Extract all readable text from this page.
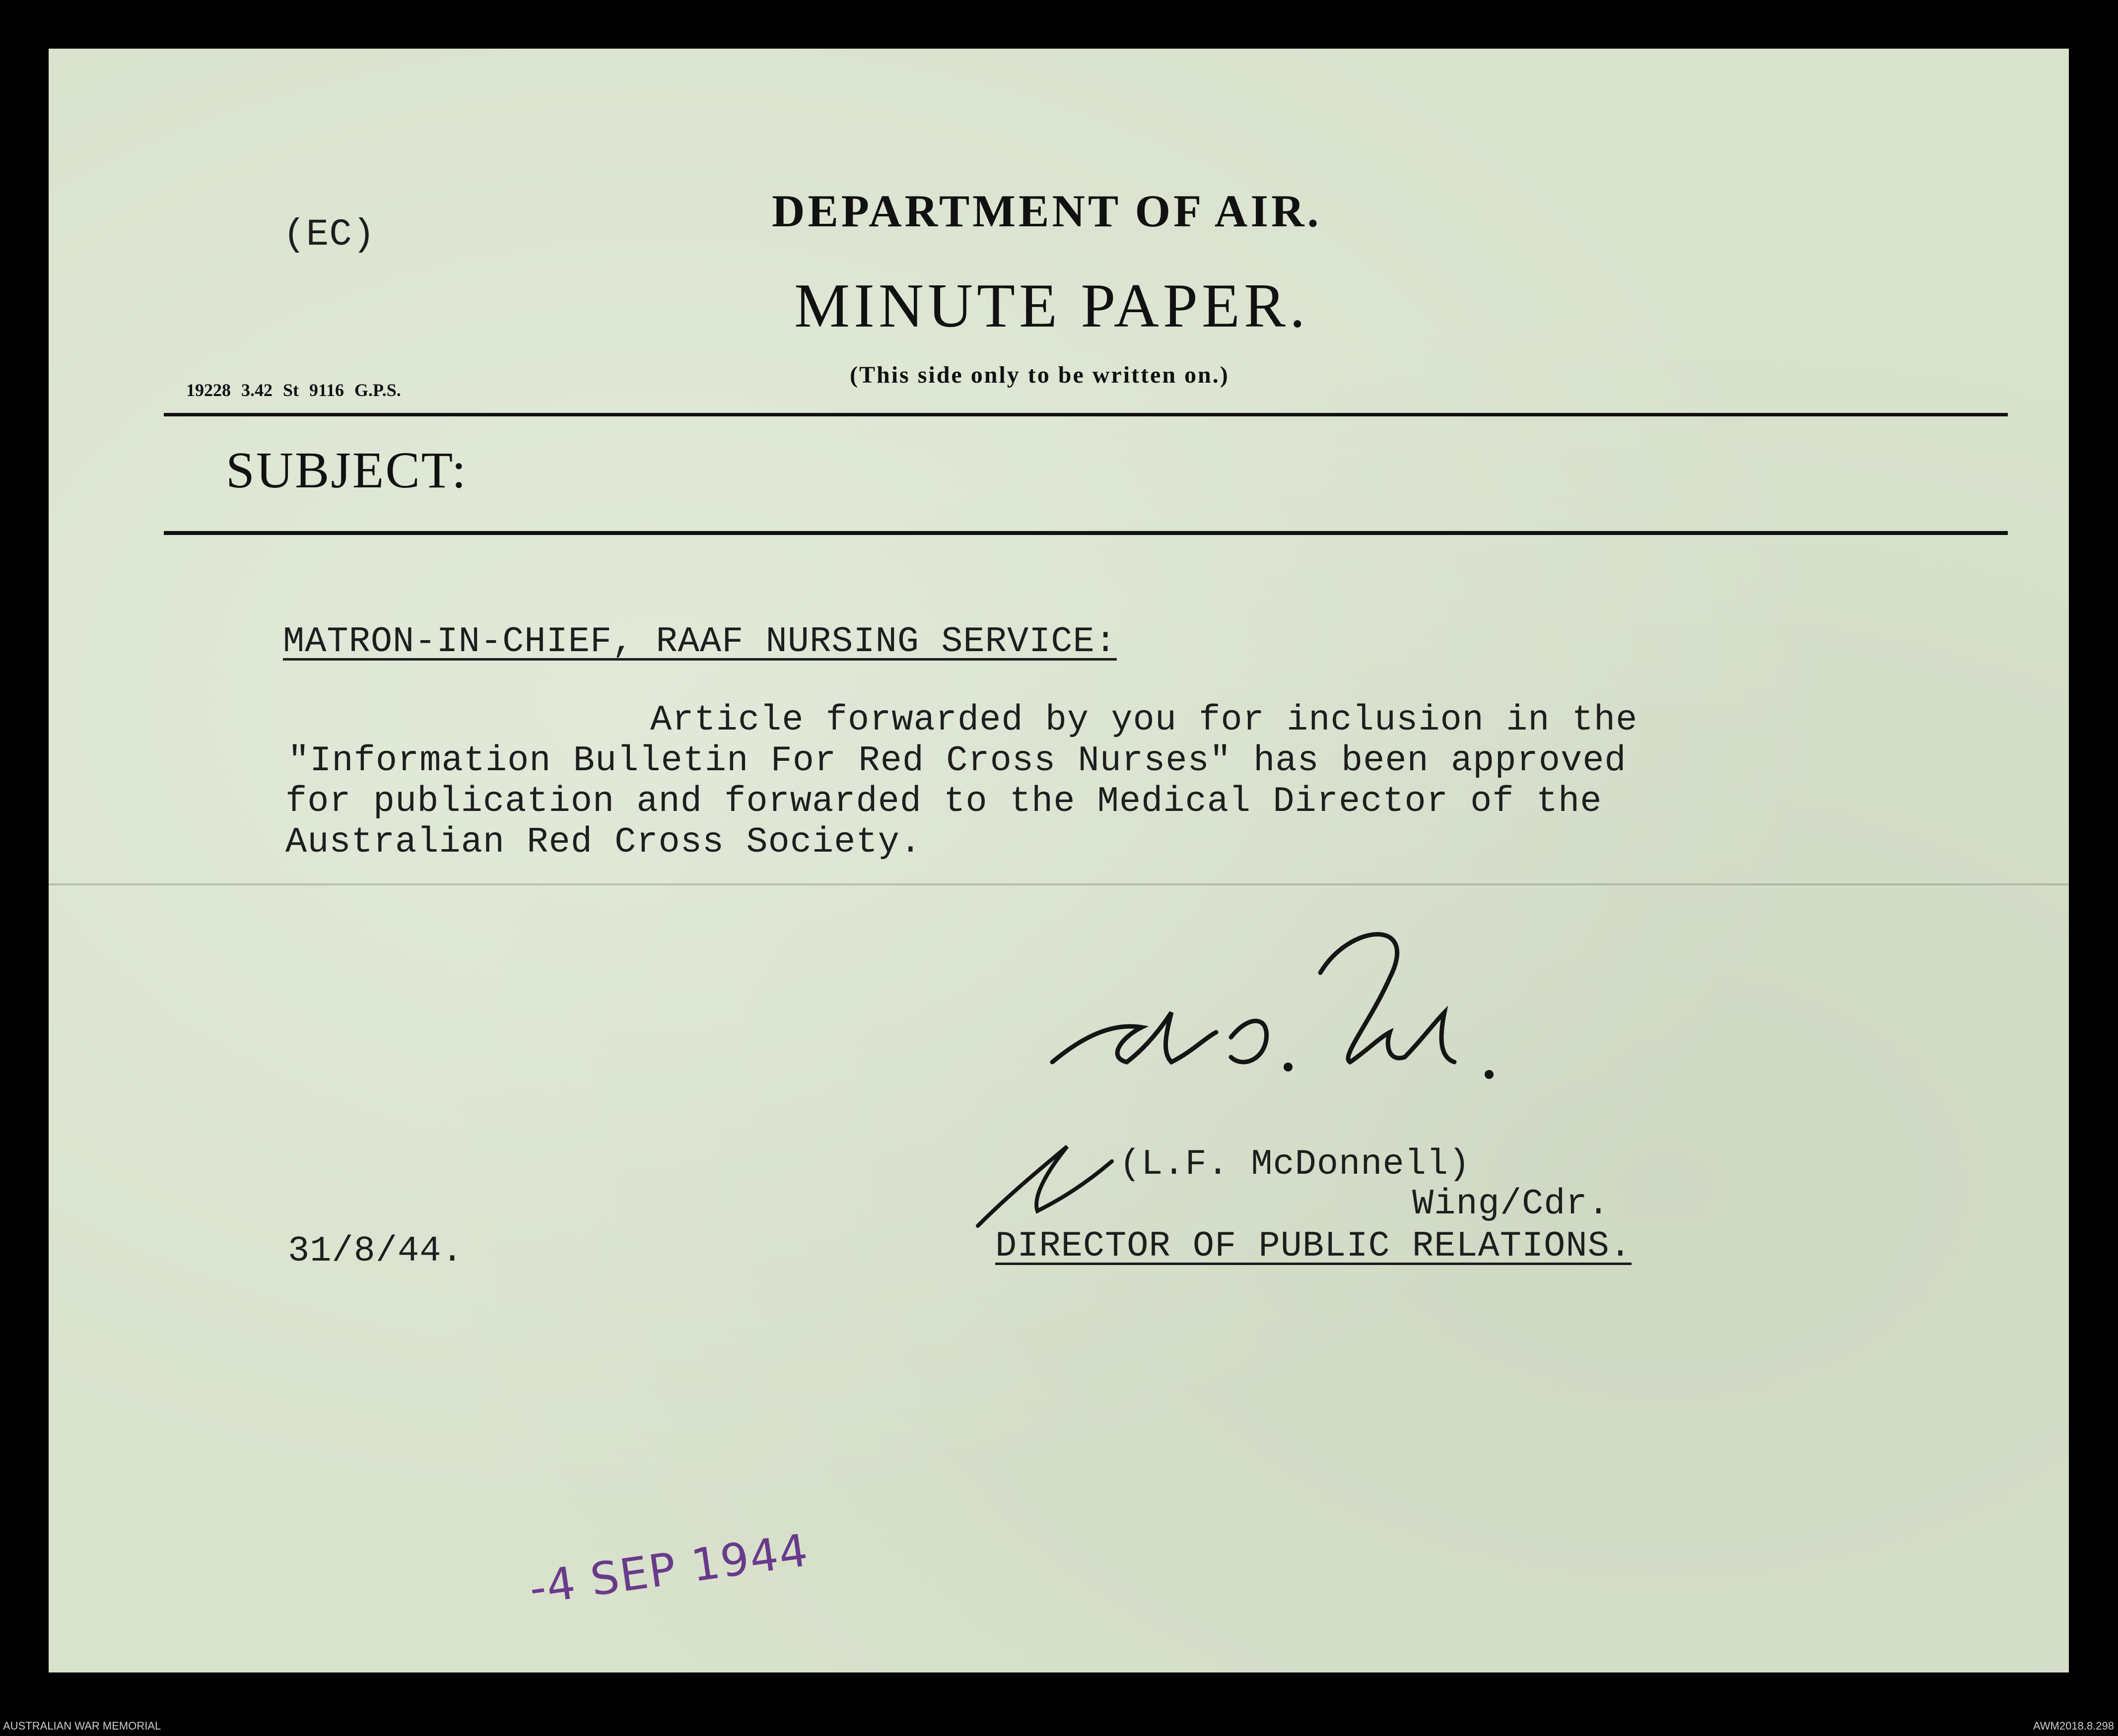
(EC)	DEPARTMENT OF AIR.
MINUTE PAPER.
(This side only to be written on.)
19228 3.42 St 9116 G.P.S.
SUBJECT:
MATRON-IN-CHIEF, RAAF NURSING SERVICE:
Article forwarded by you for inclusion in the
"Information Bulletin For Red Cross Nurses" has been approved
for publication and forwarded to the Medical Director of the
Australian Red Cross Society.
(L.F. McDonnell)
Wing/Cdr.
DIRECTOR OF PUBLIC RELATIONS.
31/8/44.
-4 SEP 1944
AUSTRALIAN WAR MEMORIAL	AWM2018.8.298
